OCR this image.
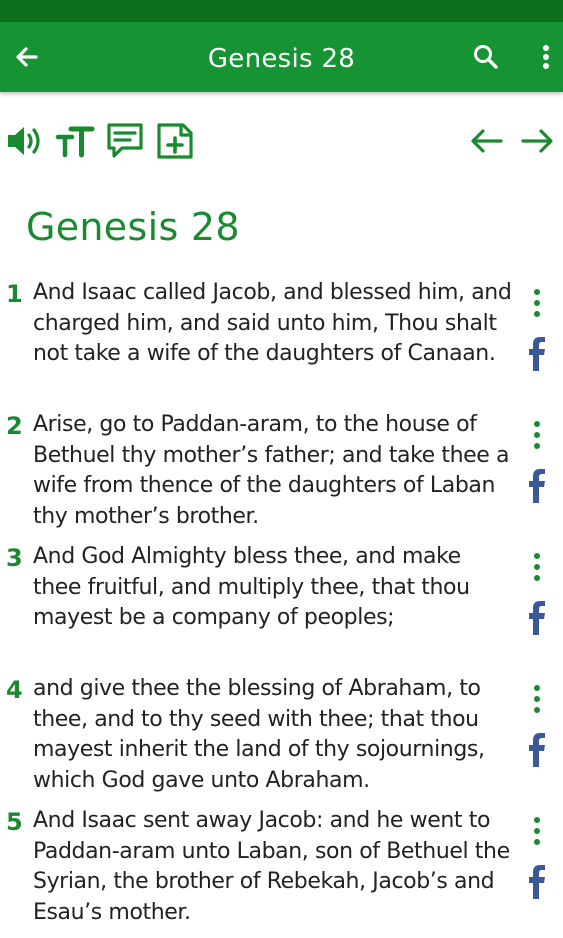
Genesis 28
Genesis 28
1 And Isaac called Jacob, and blessed him, and charged him, and said unto him, Thou shalt not take a wife of the daughters of Canaan.
2 Arise, go to Paddan-aram, to the house of Bethuel thy mother’s father; and take thee a wife from thence of the daughters of Laban thy mother’s brother.
3 And God Almighty bless thee, and make thee fruitful, and multiply thee, that thou mayest be a company of peoples;
4 and give thee the blessing of Abraham, to thee, and to thy seed with thee; that thou mayest inherit the land of thy sojournings, which God gave unto Abraham.
5 And Isaac sent away Jacob: and he went to Paddan-aram unto Laban, son of Bethuel the Syrian, the brother of Rebekah, Jacob’s and Esau’s mother.
